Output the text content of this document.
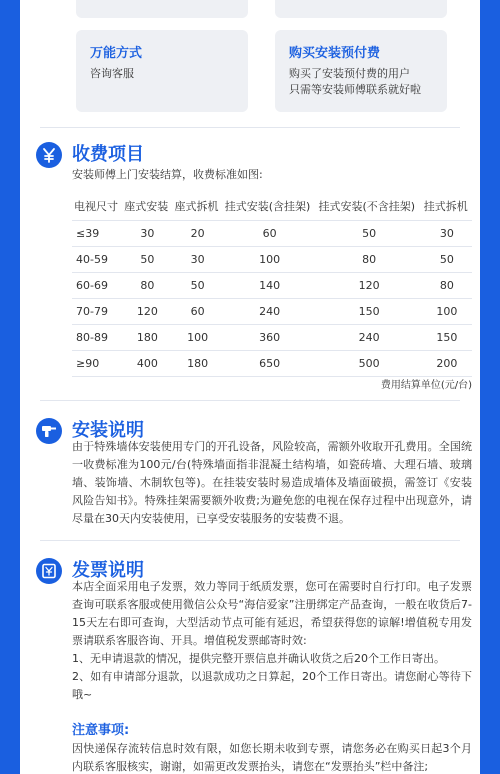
万能方式
咨询客服
购买安装预付费
购买了安装预付费的用户
只需等安装师傅联系就好啦
收费项目
安装师傅上门安装结算，收费标准如图:
电视尺寸	座式安装	座式拆机	挂式安装(含挂架)	挂式安装(不含挂架)	挂式拆机
≤39	30	20	60	50	30
40-59	50	30	100	80	50
60-69	80	50	140	120	80
70-79	120	60	240	150	100
80-89	180	100	360	240	150
≥90	400	180	650	500	200
费用结算单位(元/台)
安装说明
由于特殊墙体安装使用专门的开孔设备，风险较高，需额外收取开孔费用。全国统一收费标准为100元/台(特殊墙面指非混凝土结构墙，如瓷砖墙、大理石墙、玻璃墙、装饰墙、木制软包等)。在挂装安装时易造成墙体及墙面破损，需签订《安装风险告知书》。特殊挂架需要额外收费;为避免您的电视在保存过程中出现意外，请尽量在30天内安装使用，已享受安装服务的安装费不退。
发票说明

本店全面采用电子发票，效力等同于纸质发票，您可在需要时自行打印。电子发票查询可联系客服或使用微信公众号“海信爱家”注册绑定产品查询，一般在收货后7-15天左右即可查询，大型活动节点可能有延迟，希望获得您的谅解!增值税专用发票请联系客服咨询、开具。增值税发票邮寄时效:

1、无申请退款的情况，提供完整开票信息并确认收货之后20个工作日寄出。

2、如有申请部分退款，以退款成功之日算起，20个工作日寄出。请您耐心等待下哦~

注意事项:
因快递保存流转信息时效有限，如您长期未收到专票，请您务必在购买日起3个月内联系客服核实，谢谢，如需更改发票抬头，请您在“发票抬头”栏中备注;
